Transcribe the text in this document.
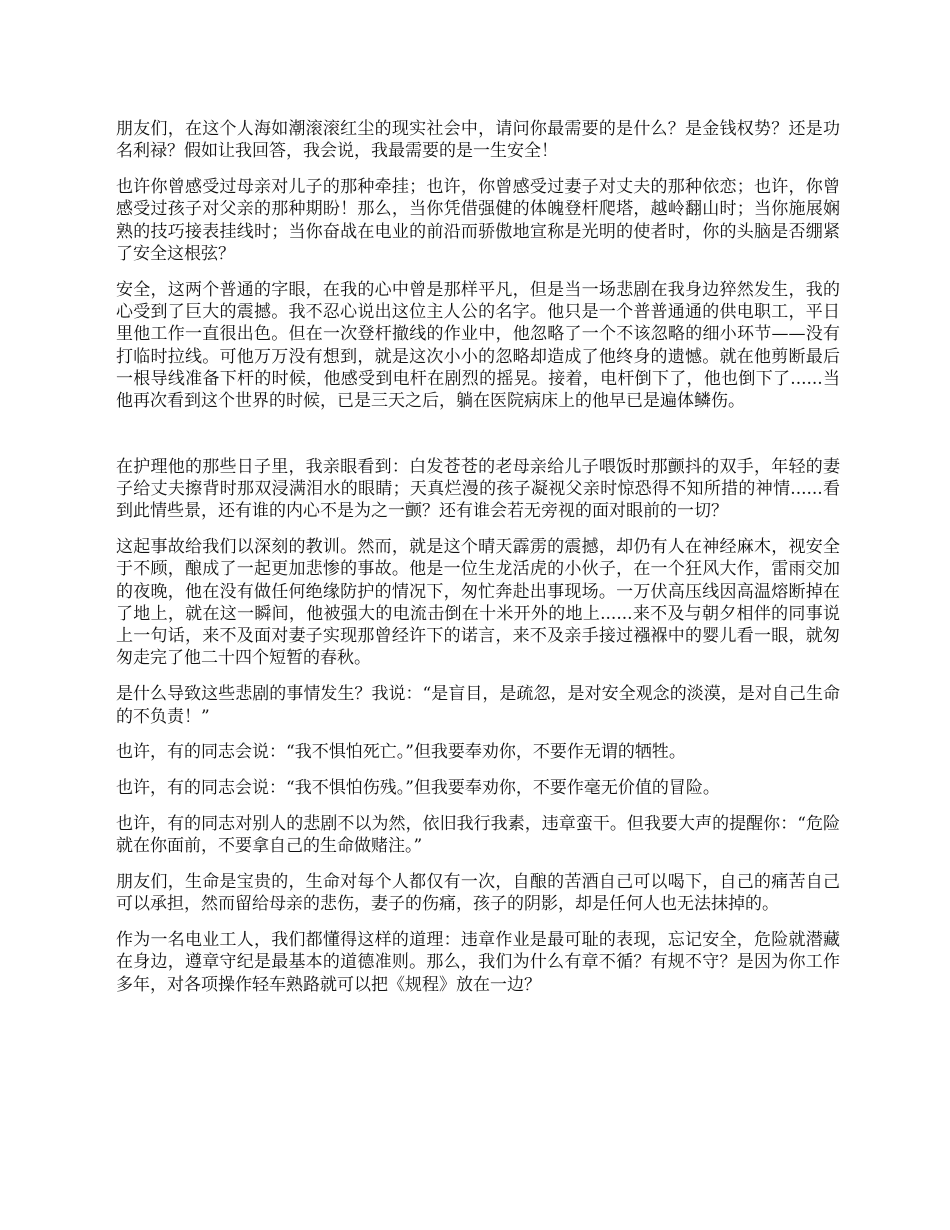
朋友们，在这个人海如潮滚滚红尘的现实社会中，请问你最需要的是什么？是金钱权势？还是功名利禄？假如让我回答，我会说，我最需要的是一生安全！

也许你曾感受过母亲对儿子的那种牵挂；也许，你曾感受过妻子对丈夫的那种依恋；也许，你曾感受过孩子对父亲的那种期盼！那么，当你凭借强健的体魄登杆爬塔，越岭翻山时；当你施展娴熟的技巧接表挂线时；当你奋战在电业的前沿而骄傲地宣称是光明的使者时，你的头脑是否绷紧了安全这根弦？

安全，这两个普通的字眼，在我的心中曾是那样平凡，但是当一场悲剧在我身边猝然发生，我的心受到了巨大的震撼。我不忍心说出这位主人公的名字。他只是一个普普通通的供电职工，平日里他工作一直很出色。但在一次登杆撤线的作业中，他忽略了一个不该忽略的细小环节——没有打临时拉线。可他万万没有想到，就是这次小小的忽略却造成了他终身的遗憾。就在他剪断最后一根导线准备下杆的时候，他感受到电杆在剧烈的摇晃。接着，电杆倒下了，他也倒下了......当他再次看到这个世界的时候，已是三天之后，躺在医院病床上的他早已是遍体鳞伤。

在护理他的那些日子里，我亲眼看到：白发苍苍的老母亲给儿子喂饭时那颤抖的双手，年轻的妻子给丈夫擦背时那双浸满泪水的眼睛；天真烂漫的孩子凝视父亲时惊恐得不知所措的神情......看到此情些景，还有谁的内心不是为之一颤？还有谁会若无旁视的面对眼前的一切？

这起事故给我们以深刻的教训。然而，就是这个晴天霹雳的震撼，却仍有人在神经麻木，视安全于不顾，酿成了一起更加悲惨的事故。他是一位生龙活虎的小伙子，在一个狂风大作，雷雨交加的夜晚，他在没有做任何绝缘防护的情况下，匆忙奔赴出事现场。一万伏高压线因高温熔断掉在了地上，就在这一瞬间，他被强大的电流击倒在十米开外的地上......来不及与朝夕相伴的同事说上一句话，来不及面对妻子实现那曾经许下的诺言，来不及亲手接过襁褓中的婴儿看一眼，就匆匆走完了他二十四个短暂的春秋。

是什么导致这些悲剧的事情发生？我说：“是盲目，是疏忽，是对安全观念的淡漠，是对自己生命的不负责！”

也许，有的同志会说：“我不惧怕死亡。”但我要奉劝你，不要作无谓的牺牲。

也许，有的同志会说：“我不惧怕伤残。”但我要奉劝你，不要作毫无价值的冒险。

也许，有的同志对别人的悲剧不以为然，依旧我行我素，违章蛮干。但我要大声的提醒你：“危险就在你面前，不要拿自己的生命做赌注。”

朋友们，生命是宝贵的，生命对每个人都仅有一次，自酿的苦酒自己可以喝下，自己的痛苦自己可以承担，然而留给母亲的悲伤，妻子的伤痛，孩子的阴影，却是任何人也无法抹掉的。

作为一名电业工人，我们都懂得这样的道理：违章作业是最可耻的表现，忘记安全，危险就潜藏在身边，遵章守纪是最基本的道德准则。那么，我们为什么有章不循？有规不守？是因为你工作多年，对各项操作轻车熟路就可以把《规程》放在一边？
